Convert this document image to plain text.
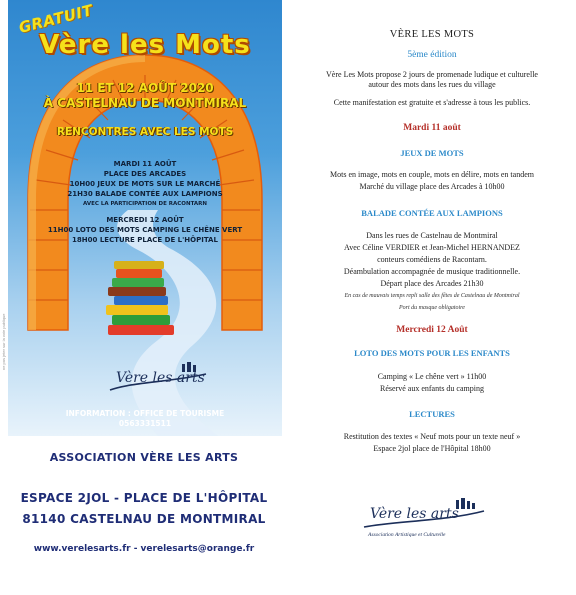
GRATUIT
Vère les Mots
11 ET 12 AOÛT 2020
À CASTELNAU DE MONTMIRAL
RENCONTRES AVEC LES MOTS
MARDI 11 AOÛT
PLACE DES ARCADES
10H00 JEUX DE MOTS SUR LE MARCHÉ
21H30 BALADE CONTÉE AUX LAMPIONS
AVEC LA PARTICIPATION DE RACONTARN
MERCREDI 12 AOÛT
11H00 LOTO DES MOTS CAMPING LE CHÊNE VERT
18H00 LECTURE PLACE DE L'HÔPITAL
Vère les arts
INFORMATION : OFFICE DE TOURISME
0563331511
ne pas jeter sur la voie publique
ASSOCIATION VÈRE LES ARTS
ESPACE 2JOL - PLACE DE L'HÔPITAL
81140 CASTELNAU DE MONTMIRAL
www.verelesarts.fr - verelesarts@orange.fr
VÈRE LES MOTS
5ème édition
Vère Les Mots propose 2 jours de promenade ludique et culturelle
autour des mots dans les rues du village
Cette manifestation est gratuite et s'adresse à tous les publics.
Mardi 11 août
JEUX DE MOTS
Mots en image, mots en couple, mots en délire, mots en tandem
Marché du village place des Arcades à 10h00
BALADE CONTÉE AUX LAMPIONS
Dans les rues de Castelnau de Montmiral
Avec Céline VERDIER et Jean-Michel HERNANDEZ
conteurs comédiens de Racontarn.
Déambulation accompagnée de musique traditionnelle.
Départ place des Arcades 21h30
En cas de mauvais temps repli salle des fêtes de Castelnau de Montmiral
Port du masque obligatoire
Mercredi 12 Août
LOTO DES MOTS POUR LES ENFANTS
Camping « Le chêne vert » 11h00
Réservé aux enfants du camping
LECTURES
Restitution des textes « Neuf mots pour un texte neuf »
Espace 2jol place de l'Hôpital 18h00
Vère les arts
Association Artistique et Culturelle
